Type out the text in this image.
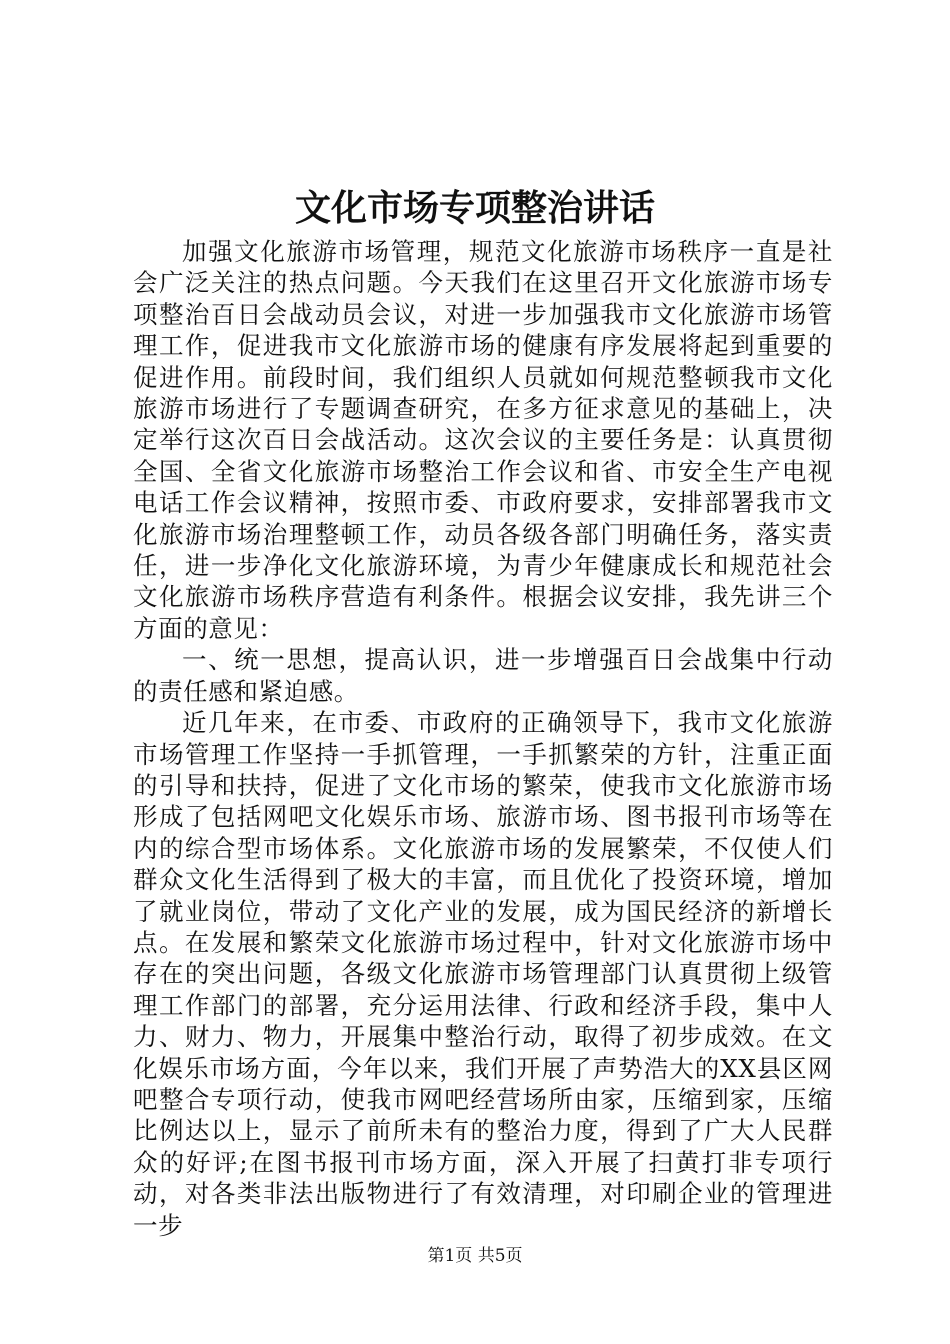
文化市场专项整治讲话

加强文化旅游市场管理，规范文化旅游市场秩序一直是社会广泛关注的热点问题。今天我们在这里召开文化旅游市场专项整治百日会战动员会议，对进一步加强我市文化旅游市场管理工作，促进我市文化旅游市场的健康有序发展将起到重要的促进作用。前段时间，我们组织人员就如何规范整顿我市文化旅游市场进行了专题调查研究，在多方征求意见的基础上，决定举行这次百日会战活动。这次会议的主要任务是：认真贯彻全国、全省文化旅游市场整治工作会议和省、市安全生产电视电话工作会议精神，按照市委、市政府要求，安排部署我市文化旅游市场治理整顿工作，动员各级各部门明确任务，落实责任，进一步净化文化旅游环境，为青少年健康成长和规范社会文化旅游市场秩序营造有利条件。根据会议安排，我先讲三个方面的意见：

一、统一思想，提高认识，进一步增强百日会战集中行动的责任感和紧迫感。

近几年来，在市委、市政府的正确领导下，我市文化旅游市场管理工作坚持一手抓管理，一手抓繁荣的方针，注重正面的引导和扶持，促进了文化市场的繁荣，使我市文化旅游市场形成了包括网吧文化娱乐市场、旅游市场、图书报刊市场等在内的综合型市场体系。文化旅游市场的发展繁荣，不仅使人们群众文化生活得到了极大的丰富，而且优化了投资环境，增加了就业岗位，带动了文化产业的发展，成为国民经济的新增长点。在发展和繁荣文化旅游市场过程中，针对文化旅游市场中存在的突出问题，各级文化旅游市场管理部门认真贯彻上级管理工作部门的部署，充分运用法律、行政和经济手段，集中人力、财力、物力，开展集中整治行动，取得了初步成效。在文化娱乐市场方面，今年以来，我们开展了声势浩大的XX县区网吧整合专项行动，使我市网吧经营场所由家，压缩到家，压缩比例达以上，显示了前所未有的整治力度，得到了广大人民群众的好评;在图书报刊市场方面，深入开展了扫黄打非专项行动，对各类非法出版物进行了有效清理，对印刷企业的管理进一步

第1页 共5页
